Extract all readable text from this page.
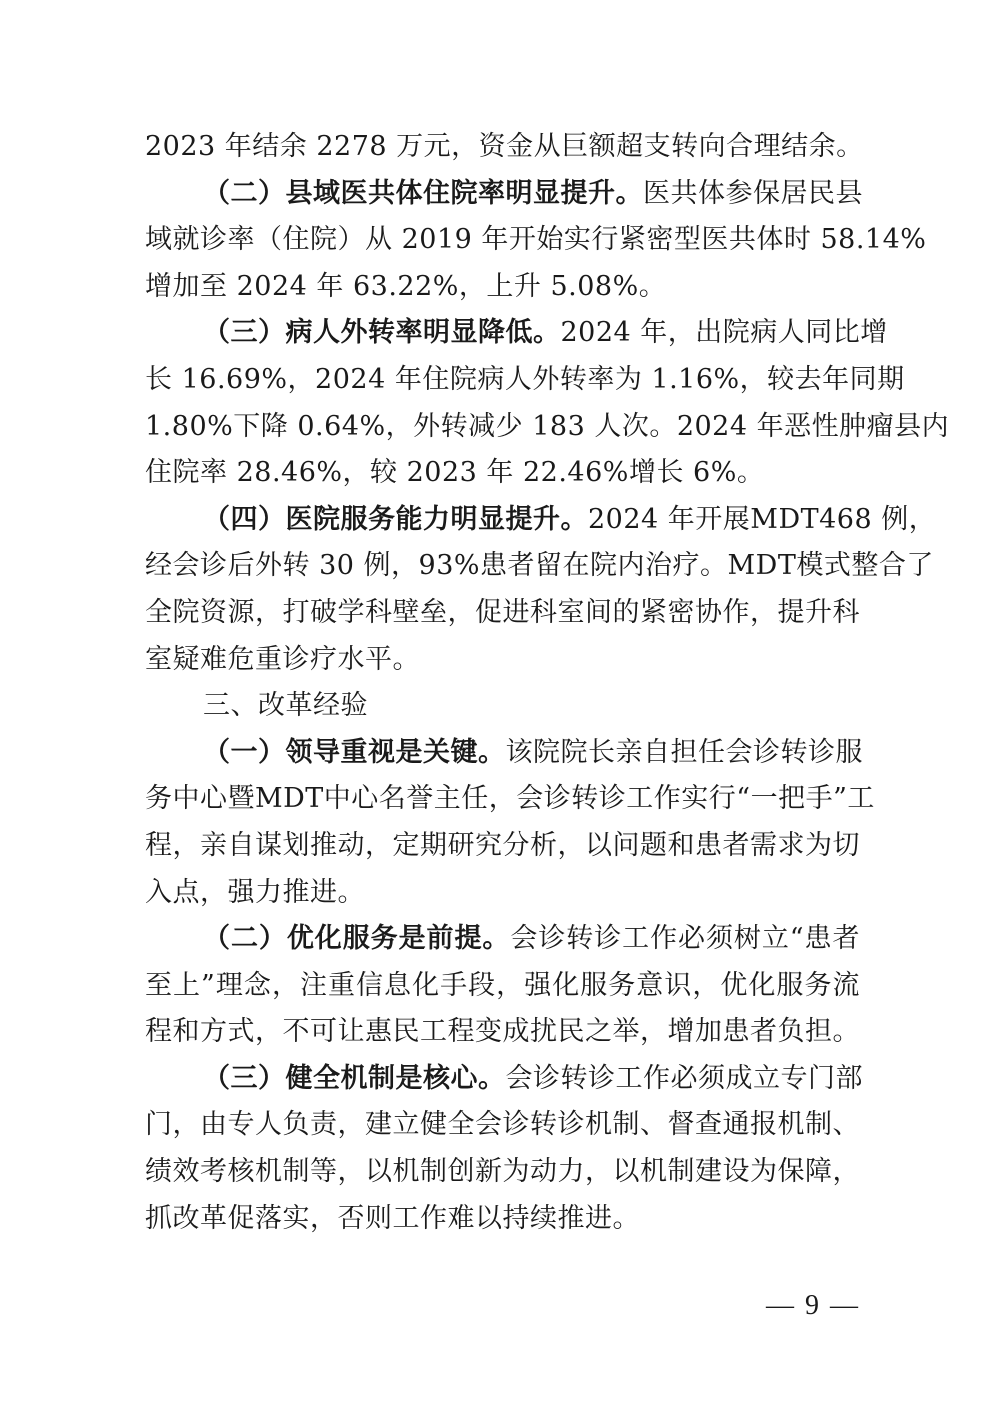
2023 年结余 2278 万元，资金从巨额超支转向合理结余。
（二）县域医共体住院率明显提升。医共体参保居民县
域就诊率（住院）从 2019 年开始实行紧密型医共体时 58.14%
增加至 2024 年 63.22%，上升 5.08%。
（三）病人外转率明显降低。2024 年，出院病人同比增
长 16.69%，2024 年住院病人外转率为 1.16%，较去年同期
1.80%下降 0.64%，外转减少 183 人次。2024 年恶性肿瘤县内
住院率 28.46%，较 2023 年 22.46%增长 6%。
（四）医院服务能力明显提升。2024 年开展MDT468 例，
经会诊后外转 30 例，93%患者留在院内治疗。MDT模式整合了
全院资源，打破学科壁垒，促进科室间的紧密协作，提升科
室疑难危重诊疗水平。
三、改革经验
（一）领导重视是关键。该院院长亲自担任会诊转诊服
务中心暨MDT中心名誉主任，会诊转诊工作实行“一把手”工
程，亲自谋划推动，定期研究分析，以问题和患者需求为切
入点，强力推进。
（二）优化服务是前提。会诊转诊工作必须树立“患者
至上”理念，注重信息化手段，强化服务意识，优化服务流
程和方式，不可让惠民工程变成扰民之举，增加患者负担。
（三）健全机制是核心。会诊转诊工作必须成立专门部
门，由专人负责，建立健全会诊转诊机制、督查通报机制、
绩效考核机制等，以机制创新为动力，以机制建设为保障，
抓改革促落实，否则工作难以持续推进。
— 9 —
